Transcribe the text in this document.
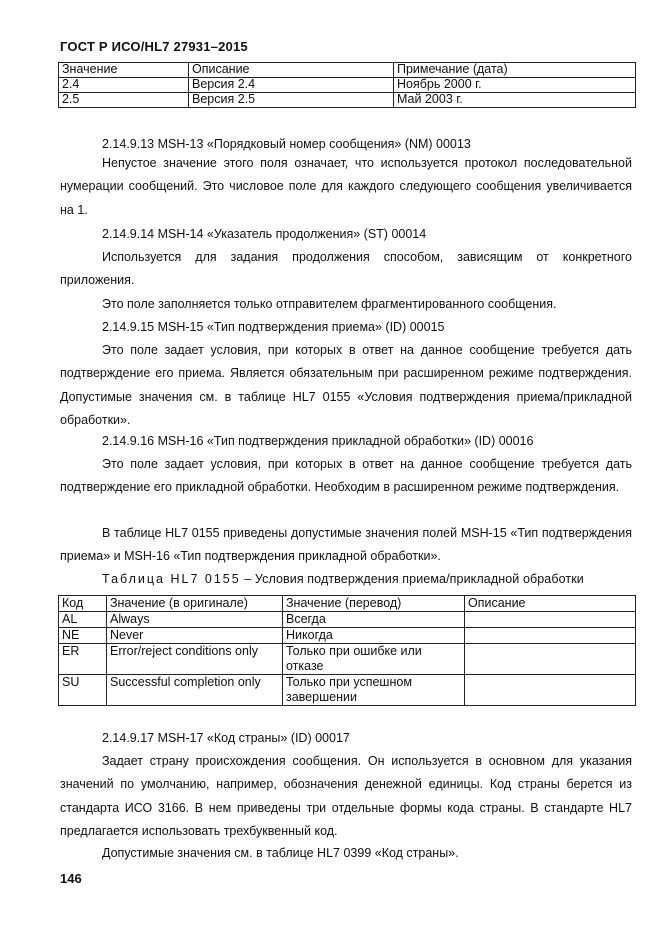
ГОСТ Р ИСО/HL7 27931–2015
Значение	Описание	Примечание (дата)
2.4	Версия 2.4	Ноябрь 2000 г.
2.5	Версия 2.5	Май 2003 г.

2.14.9.13 MSH-13 «Порядковый номер сообщения» (NM) 00013

Непустое значение этого поля означает, что используется протокол последовательной нумерации сообщений. Это числовое поле для каждого следующего сообщения увеличивается на 1.

2.14.9.14 MSH-14 «Указатель продолжения» (ST) 00014

Используется для задания продолжения способом, зависящим от конкретного приложения.

Это поле заполняется только отправителем фрагментированного сообщения.

2.14.9.15 MSH-15 «Тип подтверждения приема» (ID) 00015

Это поле задает условия, при которых в ответ на данное сообщение требуется дать подтверждение его приема. Является обязательным при расширенном режиме подтверждения. Допустимые значения см. в таблице HL7 0155 «Условия подтверждения приема/прикладной обработки».

2.14.9.16 MSH-16 «Тип подтверждения прикладной обработки» (ID) 00016

Это поле задает условия, при которых в ответ на данное сообщение требуется дать подтверждение его прикладной обработки. Необходим в расширенном режиме подтверждения.

В таблице HL7 0155 приведены допустимые значения полей MSH-15 «Тип подтверждения приема» и MSH-16 «Тип подтверждения прикладной обработки».

Таблица HL7 0155 – Условия подтверждения приема/прикладной обработки

Код	Значение (в оригинале)	Значение (перевод)	Описание
AL	Always	Всегда	
NE	Never	Никогда	
ER	Error/reject conditions only	Только при ошибке или отказе	
SU	Successful completion only	Только при успешном завершении	

2.14.9.17 MSH-17 «Код страны» (ID) 00017

Задает страну происхождения сообщения. Он используется в основном для указания значений по умолчанию, например, обозначения денежной единицы. Код страны берется из стандарта ИСО 3166. В нем приведены три отдельные формы кода страны. В стандарте HL7 предлагается использовать трехбуквенный код.

Допустимые значения см. в таблице HL7 0399 «Код страны».

146
